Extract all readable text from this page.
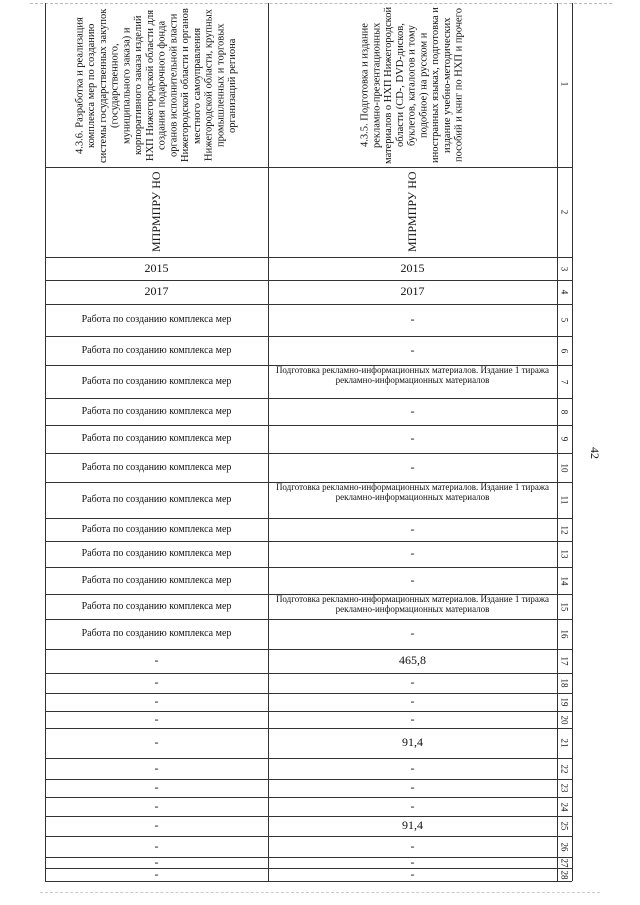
42
1
2
3
4
5
6
7
8
9
10
11
12
13
14
15
16
17
18
19
20
21
22
23
24
25
26
27
28
4.3.6. Разработка и реализация комплекса мер по созданию системы государственных закупок (государственного, муниципального заказа) и корпоративного заказа изделий НХП Нижегородской области для создания подарочного фонда органов исполнительной власти Нижегородской области и органов местного самоуправления Нижегородской области, крупных промышленных и торговых организаций региона
МПРМПРУ НО
2015
2017
Работа по созданию комплекса мер
Работа по созданию комплекса мер
Работа по созданию комплекса мер
Работа по созданию комплекса мер
Работа по созданию комплекса мер
Работа по созданию комплекса мер
Работа по созданию комплекса мер
Работа по созданию комплекса мер
Работа по созданию комплекса мер
Работа по созданию комплекса мер
Работа по созданию комплекса мер
Работа по созданию комплекса мер
-
-
-
-
-
-
-
-
-
-
-
-
4.3.5. Подготовка и издание рекламно-презентационных материалов о НХП Нижегородской области (CD-, DVD-дисков, буклетов, каталогов и тому подобное) на русском и иностранных языках, подготовка и издание учебно-методических пособий и книг по НХП и прочего
МПРМПРУ НО
2015
2017
-
-
Подготовка рекламно-информационных материалов. Издание 1 тиража рекламно-информационных материалов
-
-
-
Подготовка рекламно-информационных материалов. Издание 1 тиража рекламно-информационных материалов
-
-
-
Подготовка рекламно-информационных материалов. Издание 1 тиража рекламно-информационных материалов
-
465,8
-
-
-
91,4
-
-
-
91,4
-
-
-
